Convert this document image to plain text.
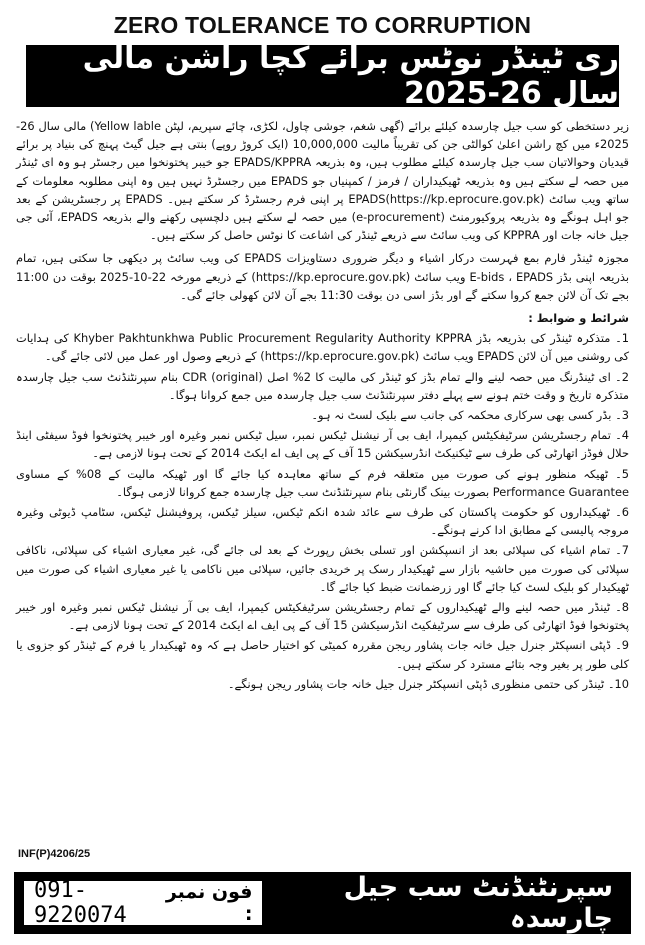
ZERO TOLERANCE TO CORRUPTION
ری ٹینڈر نوٹس برائے کچا راشن مالی سال 26-2025

زیر دستخطی کو سب جیل چارسدہ کیلئے برائے (گھی شغم، جوشی چاول، لکڑی، چائے سپریم، لپٹن Yellow lable) مالی سال 26-2025ء میں کچ راشن اعلیٰ کوالٹی جن کی تقریباً مالیت 10,000,000 (ایک کروڑ روپے) بنتی ہے جیل گیٹ پہنچ کی بنیاد پر برائے قیدیان وحوالاتیان سب جیل چارسدہ کیلئے مطلوب ہیں، وہ بذریعہ EPADS/KPPRA جو خیبر پختونخوا میں رجسٹر ہو وہ ای ٹینڈر میں حصہ لے سکتے ہیں وہ بذریعہ ٹھیکیداران / فرمز / کمپنیاں جو EPADS میں رجسٹرڈ نہیں ہیں وہ اپنی مطلوبہ معلومات کے ساتھ ویب سائٹ EPADS(https://kp.eprocure.gov.pk) پر اپنی فرم رجسٹرڈ کر سکتے ہیں۔ EPADS پر رجسٹریشن کے بعد جو اہل ہونگے وہ بذریعہ پروکیورمنٹ (e-procurement) میں حصہ لے سکتے ہیں دلچسپی رکھنے والے بذریعہ EPADS، آئی جی جیل خانہ جات اور KPPRA کی ویب سائٹ سے ذریعے ٹینڈر کی اشاعت کا نوٹس حاصل کر سکتے ہیں۔

مجوزہ ٹینڈر فارم بمع فہرست درکار اشیاء و دیگر ضروری دستاویزات EPADS کی ویب سائٹ پر دیکھی جا سکتی ہیں، تمام بذریعہ اپنی بڈز E-bids ، EPADS ویب سائٹ (https://kp.eprocure.gov.pk) کے ذریعے مورخہ 22-10-2025 بوقت دن 11:00 بجے تک آن لائن جمع کروا سکتے گے اور بڈز اسی دن بوقت 11:30 بجے آن لائن کھولی جائے گی۔

شرائط و ضوابط :

1۔ متذکرہ ٹینڈر کی بذریعہ بڈز Khyber Pakhtunkhwa Public Procurement Regularity Authority KPPRA کی ہدایات کی روشنی میں آن لائن EPADS ویب سائٹ (https://kp.eprocure.gov.pk) کے ذریعے وصول اور عمل میں لائی جائے گی۔

2۔ ای ٹینڈرنگ میں حصہ لینے والے تمام بڈز کو ٹینڈر کی مالیت کا 2% اصل (original) CDR بنام سپرنٹنڈنٹ سب جیل چارسدہ متذکرہ تاریخ و وقت ختم ہونے سے پہلے دفتر سپرنٹنڈنٹ سب جیل چارسدہ میں جمع کروانا ہوگا۔

3۔ بڈر کسی بھی سرکاری محکمہ کی جانب سے بلیک لسٹ نہ ہو۔

4۔ تمام رجسٹریشن سرٹیفکیٹس کیمپرا، ایف بی آر نیشنل ٹیکس نمبر، سیل ٹیکس نمبر وغیرہ اور خیبر پختونخوا فوڈ سیفٹی اینڈ حلال فوڈز اتھارٹی کی طرف سے ٹیکنیکٹ انڈرسیکشن 15 آف کے پی ایف اے ایکٹ 2014 کے تحت ہونا لازمی ہے۔

5۔ ٹھیکہ منظور ہونے کی صورت میں متعلقہ فرم کے ساتھ معاہدہ کیا جائے گا اور ٹھیکہ مالیت کے 08% کے مساوی Performance Guarantee بصورت بینک گارنٹی بنام سپرنٹنڈنٹ سب جیل چارسدہ جمع کروانا لازمی ہوگا۔

6۔ ٹھیکیداروں کو حکومت پاکستان کی طرف سے عائد شدہ انکم ٹیکس، سیلز ٹیکس، پروفیشنل ٹیکس، سٹامپ ڈیوٹی وغیرہ مروجہ پالیسی کے مطابق ادا کرنے ہونگے۔

7۔ تمام اشیاء کی سپلائی بعد از انسپکشن اور تسلی بخش رپورٹ کے بعد لی جائے گی، غیر معیاری اشیاء کی سپلائی، ناکافی سپلائی کی صورت میں حاشیہ بازار سے ٹھیکیدار رسک پر خریدی جائیں، سپلائی میں ناکامی یا غیر معیاری اشیاء کی صورت میں ٹھیکیدار کو بلیک لسٹ کیا جائے گا اور زرضمانت ضبط کیا جائے گا۔

8۔ ٹینڈر میں حصہ لینے والے ٹھیکیداروں کے تمام رجسٹریشن سرٹیفکیٹس کیمپرا، ایف بی آر نیشنل ٹیکس نمبر وغیرہ اور خیبر پختونخوا فوڈ اتھارٹی کی طرف سے سرٹیفکیٹ انڈرسیکشن 15 آف کے پی ایف اے ایکٹ 2014 کے تحت ہونا لازمی ہے۔

9۔ ڈپٹی انسپکٹر جنرل جیل خانہ جات پشاور ریجن مقررہ کمیٹی کو اختیار حاصل ہے کہ وہ ٹھیکیدار یا فرم کے ٹینڈر کو جزوی یا کلی طور پر بغیر وجہ بتائے مسترد کر سکتے ہیں۔

10۔ ٹینڈر کی حتمی منظوری ڈپٹی انسپکٹر جنرل جیل خانہ جات پشاور ریجن ہونگے۔

INF(P)4206/25
فون نمبر :
091-9220074
سپرنٹنڈنٹ سب جیل چارسدہ
